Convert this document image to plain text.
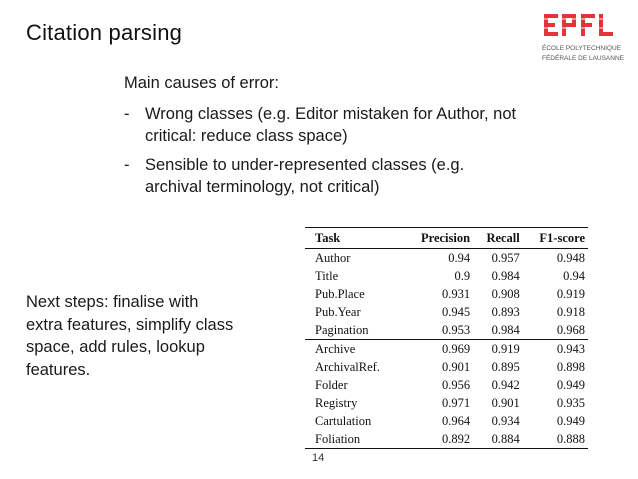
Citation parsing
ÉCOLE POLYTECHNIQUE
FÉDÉRALE DE LAUSANNE
Main causes of error:
- Wrong classes (e.g. Editor mistaken for Author, not critical: reduce class space)
- Sensible to under-represented classes (e.g. archival terminology, not critical)
Next steps: finalise with extra features, simplify class space, add rules, lookup features.
Task	Precision	Recall	F1-score
Author	0.94	0.957	0.948
Title	0.9	0.984	0.94
Pub.Place	0.931	0.908	0.919
Pub.Year	0.945	0.893	0.918
Pagination	0.953	0.984	0.968
Archive	0.969	0.919	0.943
ArchivalRef.	0.901	0.895	0.898
Folder	0.956	0.942	0.949
Registry	0.971	0.901	0.935
Cartulation	0.964	0.934	0.949
Foliation	0.892	0.884	0.888
14
